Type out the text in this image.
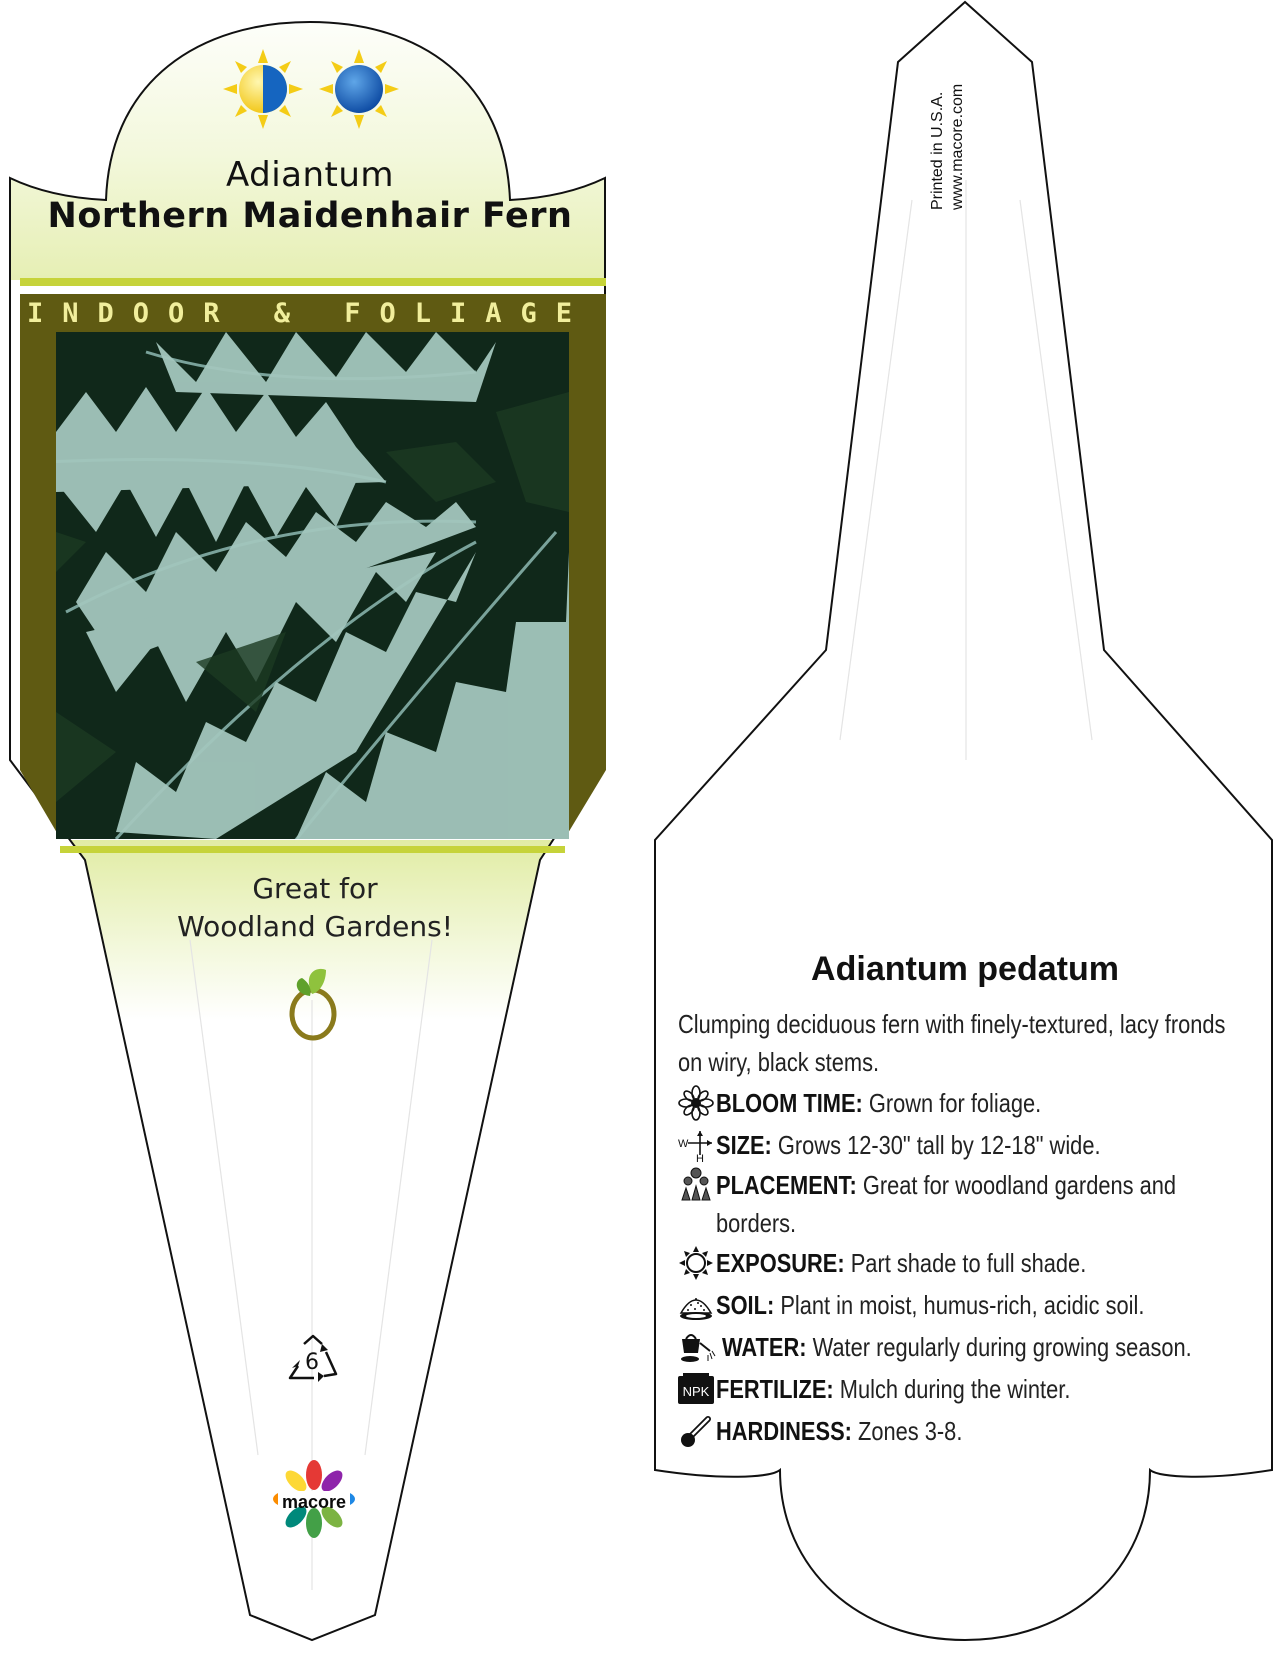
Adiantum
Northern Maidenhair Fern
INDOOR & FOLIAGE
Great for
Woodland Gardens!
6
macore
Printed in U.S.A. www.macore.com
Adiantum pedatum
Clumping deciduous fern with finely-textured, lacy fronds on wiry, black stems.
BLOOM TIME: Grown for foliage.
W
H SIZE: Grows 12-30" tall by 12-18" wide.
PLACEMENT: Great for woodland gardens and borders.
EXPOSURE: Part shade to full shade.
SOIL: Plant in moist, humus-rich, acidic soil.
WATER: Water regularly during growing season.
NPK FERTILIZE: Mulch during the winter.
HARDINESS: Zones 3-8.
